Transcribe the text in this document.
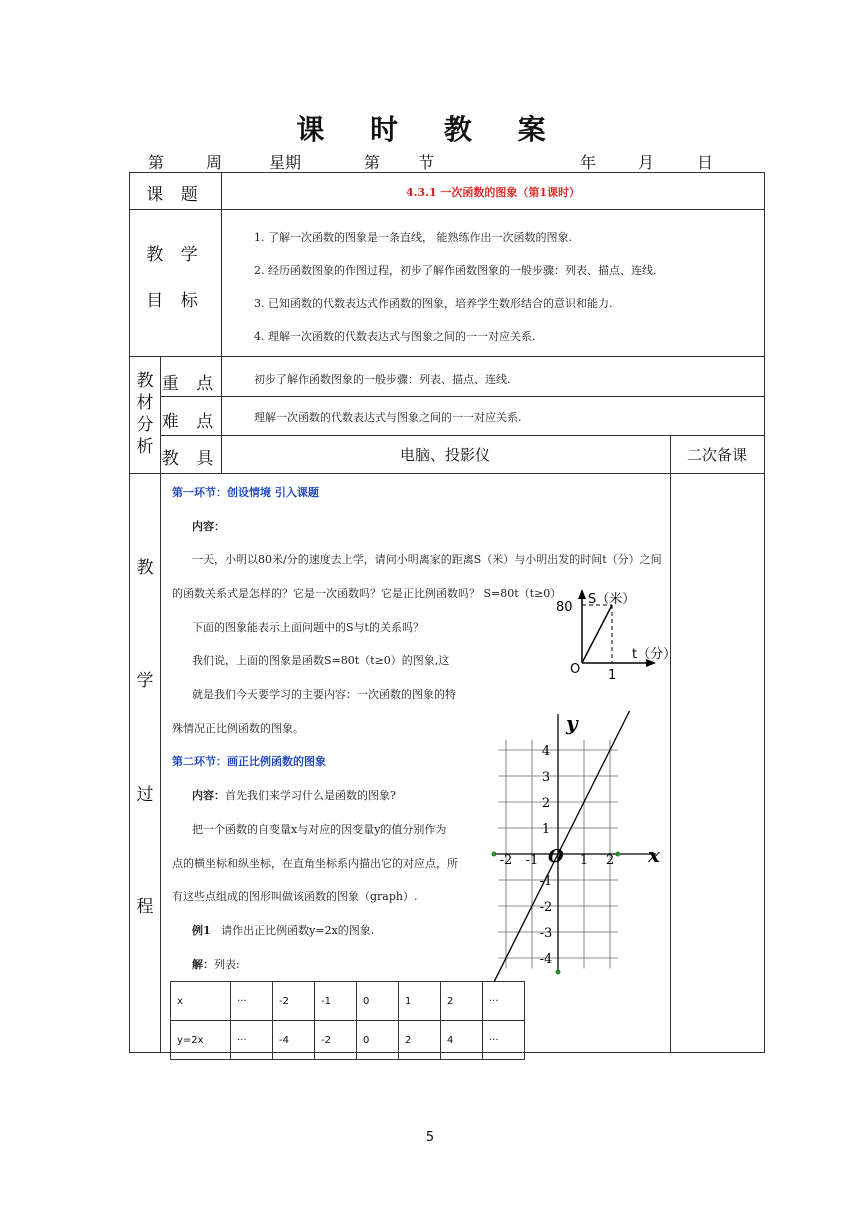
课 时 教 案
第	周	星期	第 节	年	月	日
课 题	4.3.1 一次函数的图象（第1课时）
教 学
目 标
1. 了解一次函数的图象是一条直线， 能熟练作出一次函数的图象.
2. 经历函数图象的作图过程，初步了解作函数图象的一般步骤：列表、描点、连线.
3. 已知函数的代数表达式作函数的图象，培养学生数形结合的意识和能力.
4. 理解一次函数的代数表达式与图象之间的一一对应关系.
教
材
分
析
重 点	初步了解作函数图象的一般步骤：列表、描点、连线.
难 点	理解一次函数的代数表达式与图象之间的一一对应关系.
教 具	电脑、投影仪	二次备课
教
学
过
程
第一环节：创设情境 引入课题
内容：
一天，小明以80米/分的速度去上学，请问小明离家的距离S（米）与小明出发的时间t（分）之间
的函数关系式是怎样的？它是一次函数吗？它是正比例函数吗？ S=80t（t≥0）
下面的图象能表示上面问题中的S与t的关系吗？
我们说，上面的图象是函数S=80t（t≥0）的图象,这
就是我们今天要学习的主要内容：一次函数的图象的特
殊情况正比例函数的图象。
第二环节：画正比例函数的图象
内容：首先我们来学习什么是函数的图象?
把一个函数的自变量x与对应的因变量y的值分别作为
点的横坐标和纵坐标，在直角坐标系内描出它的对应点，所
有这些点组成的图形叫做该函数的图象（graph）.
例1 请作出正比例函数y=2x的图象.
解：列表:
x	···	-2	-1	0	1	2	···
y=2x	···	-4	-2	0	2	4	···
80
S（米）
t（分）
O 1
y
x
O
4
3
2
1
-1
-2
-3
-4
-2 -1	1 2
5
